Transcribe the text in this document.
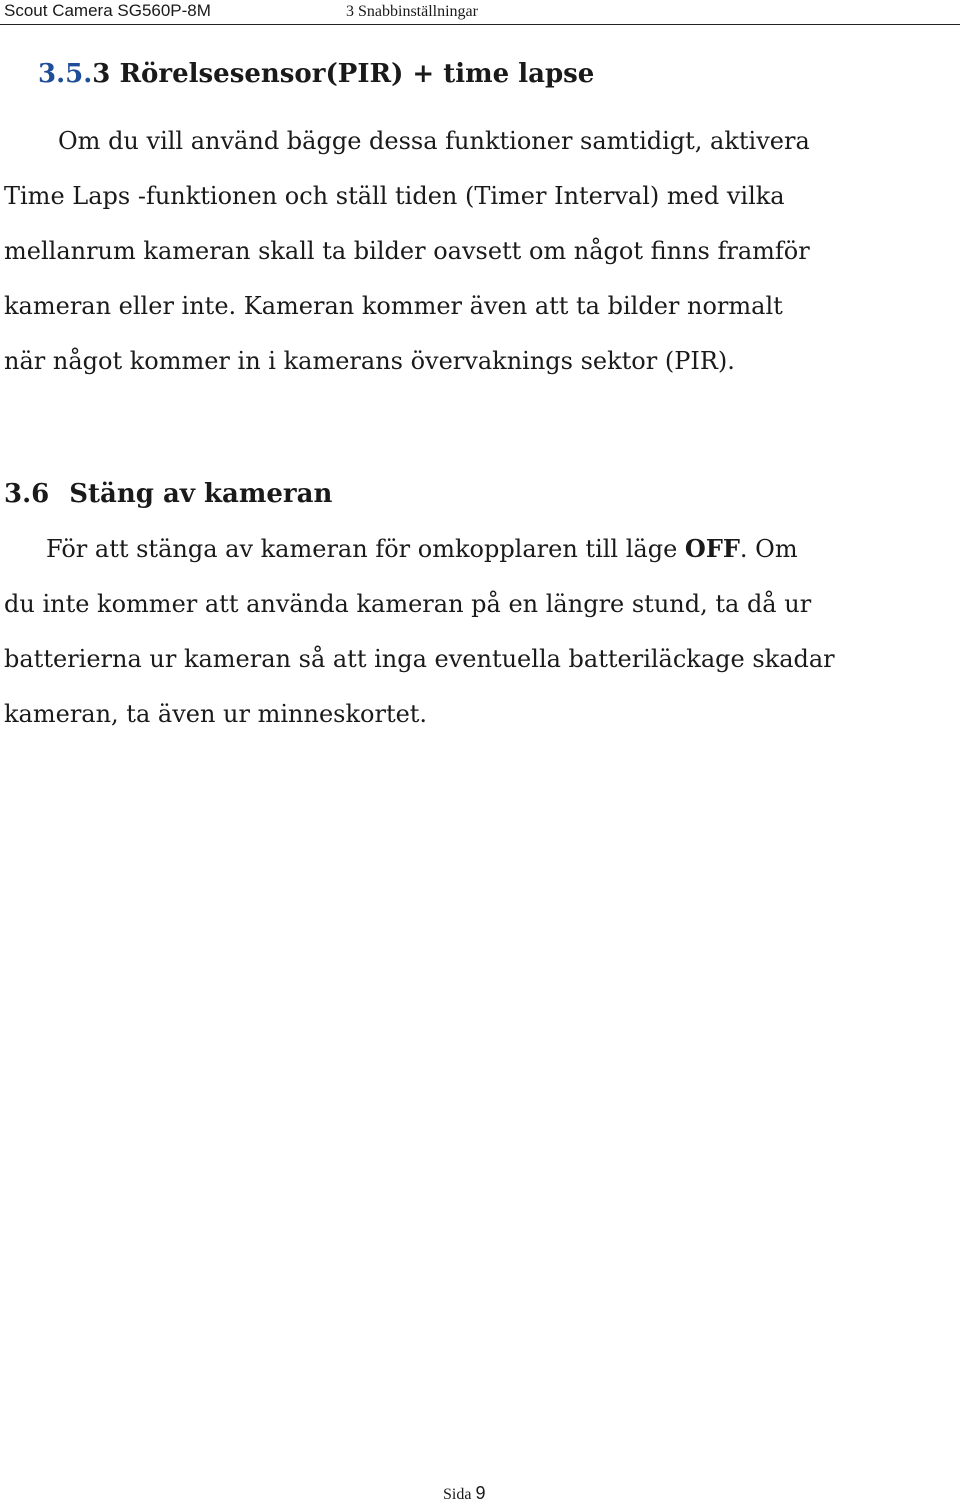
Scout Camera SG560P-8M	3 Snabbinställningar
3.5.3 Rörelsesensor(PIR) + time lapse
Om du vill använd bägge dessa funktioner samtidigt, aktivera
Time Laps -funktionen och ställ tiden (Timer Interval) med vilka
mellanrum kameran skall ta bilder oavsett om något finns framför
kameran eller inte. Kameran kommer även att ta bilder normalt
när något kommer in i kamerans övervaknings sektor (PIR).
3.6 Stäng av kameran
För att stänga av kameran för omkopplaren till läge OFF. Om
du inte kommer att använda kameran på en längre stund, ta då ur
batterierna ur kameran så att inga eventuella batteriläckage skadar
kameran, ta även ur minneskortet.
Sida 9
